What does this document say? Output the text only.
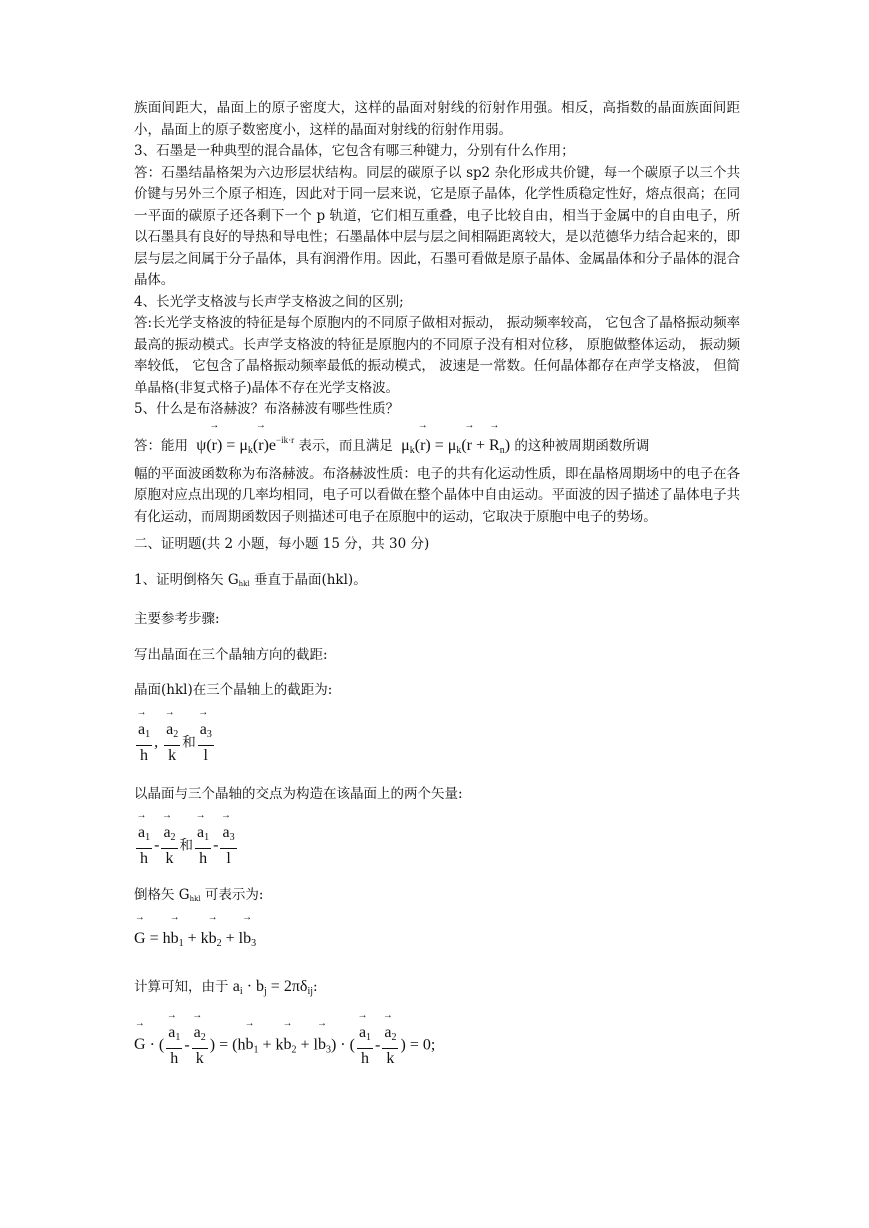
族面间距大，晶面上的原子密度大，这样的晶面对射线的衍射作用强。相反，高指数的晶面族面间距小，晶面上的原子数密度小，这样的晶面对射线的衍射作用弱。

3、石墨是一种典型的混合晶体，它包含有哪三种键力，分别有什么作用；

答：石墨结晶格架为六边形层状结构。同层的碳原子以 sp2 杂化形成共价键，每一个碳原子以三个共价键与另外三个原子相连，因此对于同一层来说，它是原子晶体，化学性质稳定性好，熔点很高；在同一平面的碳原子还各剩下一个 p 轨道，它们相互重叠，电子比较自由，相当于金属中的自由电子，所以石墨具有良好的导热和导电性；石墨晶体中层与层之间相隔距离较大，是以范德华力结合起来的，即层与层之间属于分子晶体，具有润滑作用。因此，石墨可看做是原子晶体、金属晶体和分子晶体的混合晶体。

4、长光学支格波与长声学支格波之间的区别;

答:长光学支格波的特征是每个原胞内的不同原子做相对振动， 振动频率较高， 它包含了晶格振动频率最高的振动模式。长声学支格波的特征是原胞内的不同原子没有相对位移， 原胞做整体运动， 振动频率较低， 它包含了晶格振动频率最低的振动模式， 波速是一常数。任何晶体都存在声学支格波， 但简单晶格(非复式格子)晶体不存在光学支格波。

5、什么是布洛赫波？布洛赫波有哪些性质？

答：能用  $\psi(\to r) = \mu_k(\to r)e^{-ik\cdot r}$ 表示，而且满足  $\mu_k(\to r) = \mu_k(\to r$ + → $R_n$) 的这种被周期函数所调

幅的平面波函数称为布洛赫波。布洛赫波性质：电子的共有化运动性质，即在晶格周期场中的电子在各原胞对应点出现的几率均相同，电子可以看做在整个晶体中自由运动。平面波的因子描述了晶体电子共有化运动，而周期函数因子则描述可电子在原胞中的运动，它取决于原胞中电子的势场。

二、证明题(共 2 小题，每小题 15 分，共 30 分)

1、证明倒格矢 Ghkl 垂直于晶面(hkl)。

主要参考步骤:

写出晶面在三个晶轴方向的截距:

晶面(hkl)在三个晶轴上的截距为:

→ $\frac{a_1}{h}$ , → $\frac{a_2}{k}$ 和 → $\frac{a_3}{l}$

以晶面与三个晶轴的交点为构造在该晶面上的两个矢量:

→ $\frac{a_1}{h}$ - → $\frac{a_2}{k}$ 和 → $\frac{a_1}{h}$ - → $\frac{a_3}{l}$

倒格矢 Ghkl 可表示为:

→ $G = h\to b_1 + k\to b_2 + l\to b_3$

计算可知，由于 $a_i \cdot b_j = 2\pi\delta_{ij}$:

→ G · ( → $\frac{a_1}{h}$ - → $\frac{a_2}{k}$ ) = $(h\to b_1 + k\to b_2 + l\to b_3)$ · ( → $\frac{a_1}{h}$ - → $\frac{a_2}{k}$ ) = 0;
